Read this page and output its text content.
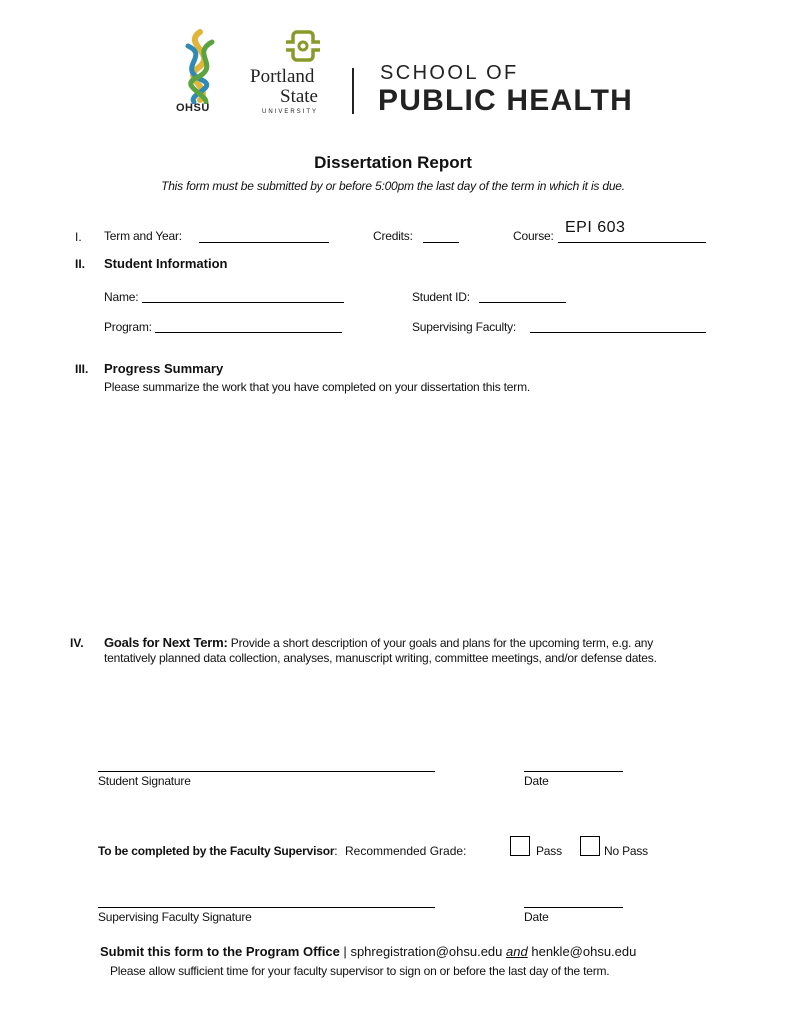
OHSU
Portland
State
UNIVERSITY
SCHOOL OF
PUBLIC HEALTH
Dissertation Report
This form must be submitted by or before 5:00pm the last day of the term in which it is due.
I. Term and Year:	Credits:	Course: EPI 603
II. Student Information
Name:	Student ID:
Program:	Supervising Faculty:
III. Progress Summary
Please summarize the work that you have completed on your dissertation this term.
IV. Goals for Next Term: Provide a short description of your goals and plans for the upcoming term, e.g. any
tentatively planned data collection, analyses, manuscript writing, committee meetings, and/or defense dates.
Student Signature	Date
To be completed by the Faculty Supervisor: Recommended Grade:	Pass	No Pass
Supervising Faculty Signature	Date
Submit this form to the Program Office | sphregistration@ohsu.edu and henkle@ohsu.edu
Please allow sufficient time for your faculty supervisor to sign on or before the last day of the term.
